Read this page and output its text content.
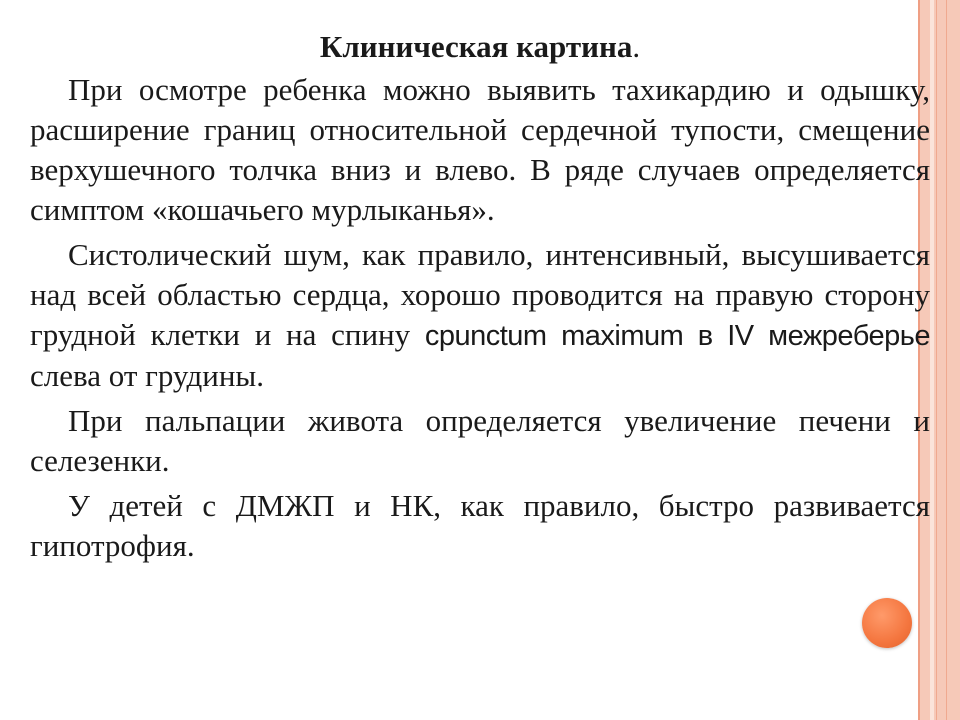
Клиническая картина.

При осмотре ребенка можно выявить тахикардию и одышку, расширение границ относительной сердечной тупости, смещение верхушечного толчка вниз и влево. В ряде случаев определяется симптом «кошачьего мурлыканья».

Систолический шум, как правило, интенсивный, высушивается над всей областью сердца, хорошо проводится на правую сторону грудной клетки и на спину cpunctum maximum в IV межреберье слева от грудины.

При пальпации живота определяется увеличение печени и селезенки.

У детей с ДМЖП и НК, как правило, быстро развивается гипотрофия.
